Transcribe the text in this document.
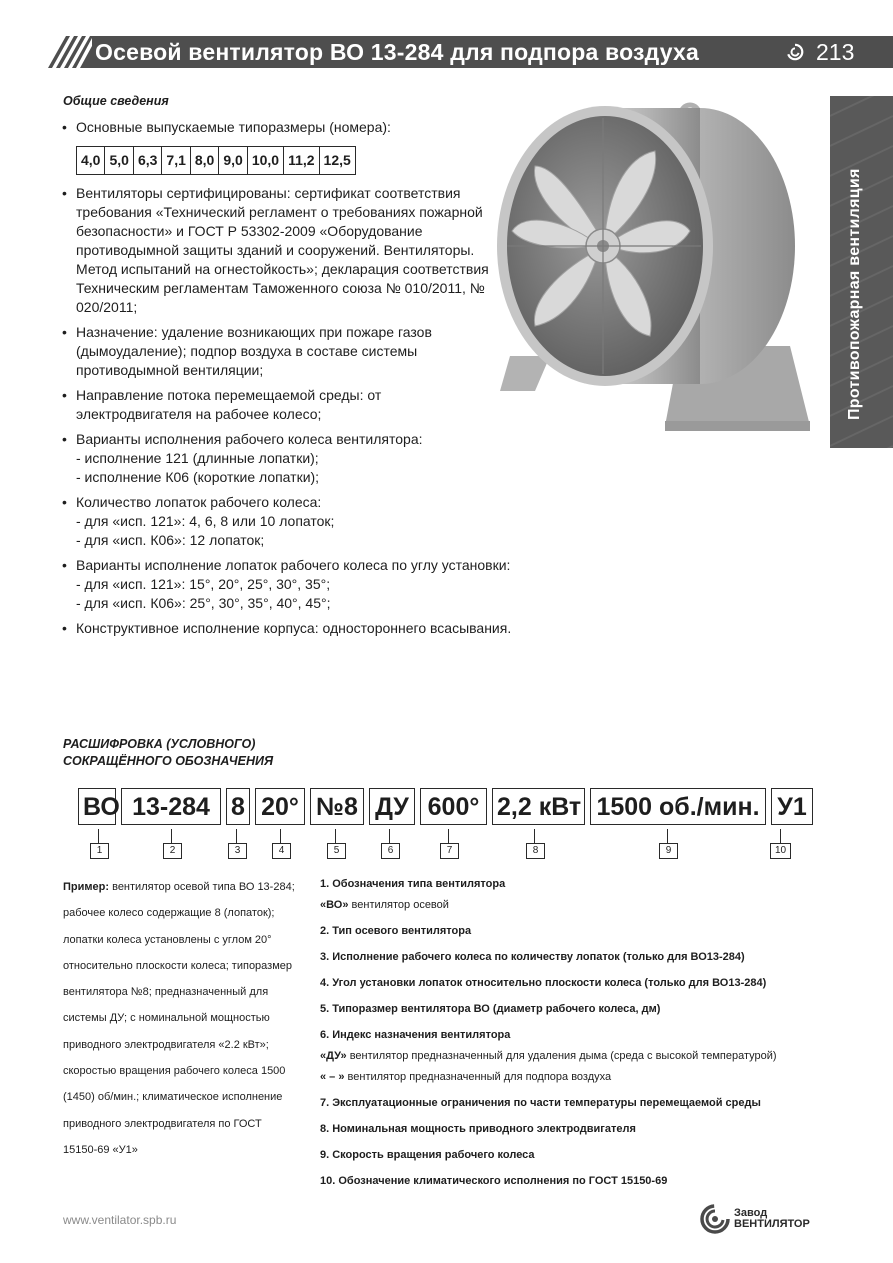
Осевой вентилятор ВО 13-284 для подпора воздуха	213
Противопожарная вентиляция
Общие сведения
• Основные выпускаемые типоразмеры (номера):
4,0	5,0	6,3	7,1	8,0	9,0	10,0	11,2	12,5
• Вентиляторы сертифицированы: сертификат соответствия требования «Технический регламент о требованиях пожарной безопасности» и ГОСТ Р 53302-2009 «Оборудование противодымной защиты зданий и сооружений. Вентиляторы. Метод испытаний на огнестойкость»; декларация соответствия Техническим регламентам Таможенного союза № 010/2011, № 020/2011;
• Назначение: удаление возникающих при пожаре газов (дымоудаление); подпор воздуха в составе системы противодымной вентиляции;
• Направление потока перемещаемой среды: от электродвигателя на рабочее колесо;
• Варианты исполнения рабочего колеса вентилятора:
- исполнение 121 (длинные лопатки);
- исполнение К06 (короткие лопатки);
• Количество лопаток рабочего колеса:
- для «исп. 121»: 4, 6, 8 или 10 лопаток;
- для «исп. К06»: 12 лопаток;
• Варианты исполнение лопаток рабочего колеса по углу установки:
- для «исп. 121»: 15°, 20°, 25°, 30°, 35°;
- для «исп. К06»: 25°, 30°, 35°, 40°, 45°;
• Конструктивное исполнение корпуса: одностороннего всасывания.
РАСШИФРОВКА (УСЛОВНОГО)
СОКРАЩЁННОГО ОБОЗНАЧЕНИЯ
ВО 13-284 8 20° №8 ДУ 600° 2,2 кВт 1500 об./мин. У1
1	2	3	4	5	6	7	8	9	10
Пример: вентилятор осевой типа ВО 13-284; рабочее колесо содержащие 8 (лопаток); лопатки колеса установлены с углом 20° относительно плоскости колеса; типоразмер вентилятора №8; предназначенный для системы ДУ; с номинальной мощностью приводного электродвигателя «2.2 кВт»; скоростью вращения рабочего колеса 1500 (1450) об/мин.; климатическое исполнение приводного электродвигателя по ГОСТ 15150-69 «У1»
1. Обозначения типа вентилятора
«ВО» вентилятор осевой
2. Тип осевого вентилятора
3. Исполнение рабочего колеса по количеству лопаток (только для ВО13-284)
4. Угол установки лопаток относительно плоскости колеса (только для ВО13-284)
5. Типоразмер вентилятора ВО (диаметр рабочего колеса, дм)
6. Индекс назначения вентилятора
«ДУ» вентилятор предназначенный для удаления дыма (среда с высокой температурой)
« – » вентилятор предназначенный для подпора воздуха
7. Эксплуатационные ограничения по части температуры перемещаемой среды
8. Номинальная мощность приводного электродвигателя
9. Скорость вращения рабочего колеса
10. Обозначение климатического исполнения по ГОСТ 15150-69
www.ventilator.spb.ru	Завод
ВЕНТИЛЯТОР
